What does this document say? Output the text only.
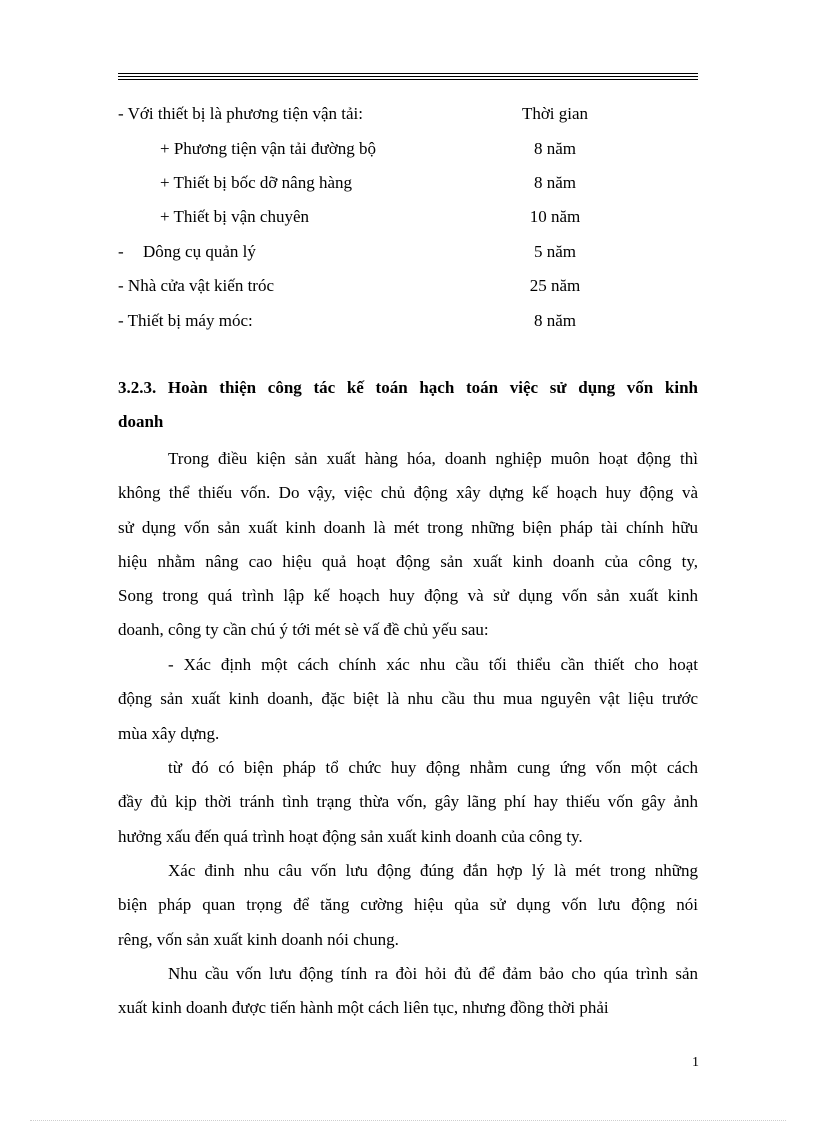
- Với thiết bị là phương tiện vận tải:	Thời gian
+ Phương tiện vận tải đường bộ	8 năm
+ Thiết bị bốc dỡ nâng hàng	8 năm
+ Thiết bị vận chuyên	10 năm
- Dông cụ quản lý	5 năm
- Nhà cửa vật kiến tróc	25 năm
- Thiết bị máy móc:	8 năm
3.2.3. Hoàn thiện công tác kế toán hạch toán việc sử dụng vốn kinh
doanh
Trong điều kiện sản xuất hàng hóa, doanh nghiệp muôn hoạt động thì
không thể thiếu vốn. Do vậy, việc chủ động xây dựng kế hoạch huy động và
sử dụng vốn sản xuất kinh doanh là mét trong những biện pháp tài chính hữu
hiệu nhằm nâng cao hiệu quả hoạt động sản xuất kinh doanh của công ty,
Song trong quá trình lập kế hoạch huy động và sử dụng vốn sản xuất kinh
doanh, công ty cần chú ý tới mét sè vấ đề chủ yếu sau:
- Xác định một cách chính xác nhu cầu tối thiểu cần thiết cho hoạt
động sản xuất kinh doanh, đặc biệt là nhu cầu thu mua nguyên vật liệu trước
mùa xây dựng.
từ đó có biện pháp tổ chức huy động nhằm cung ứng vốn một cách
đầy đủ kịp thời tránh tình trạng thừa vốn, gây lãng phí hay thiếu vốn gây ảnh
hưởng xấu đến quá trình hoạt động sản xuất kinh doanh của công ty.
Xác đinh nhu câu vốn lưu động đúng đắn hợp lý là mét trong những
biện pháp quan trọng để tăng cường hiệu qủa sử dụng vốn lưu động nói
rêng, vốn sản xuất kinh doanh nói chung.
Nhu cầu vốn lưu động tính ra đòi hỏi đủ để đảm bảo cho qúa trình sản
xuất kinh doanh được tiến hành một cách liên tục, nhưng đồng thời phải
1
